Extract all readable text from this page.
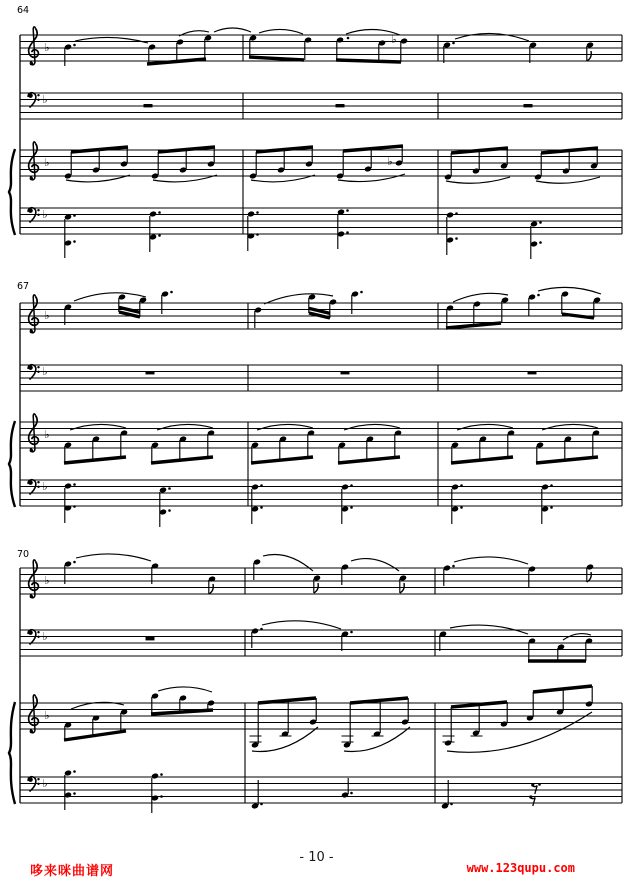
♭
♭
♭
♭
64
♭
♭
♭
♭
♭
♭
67
♭
♭
♭
♭
70
哆来咪曲谱网
- 10 -
www.123qupu.com
